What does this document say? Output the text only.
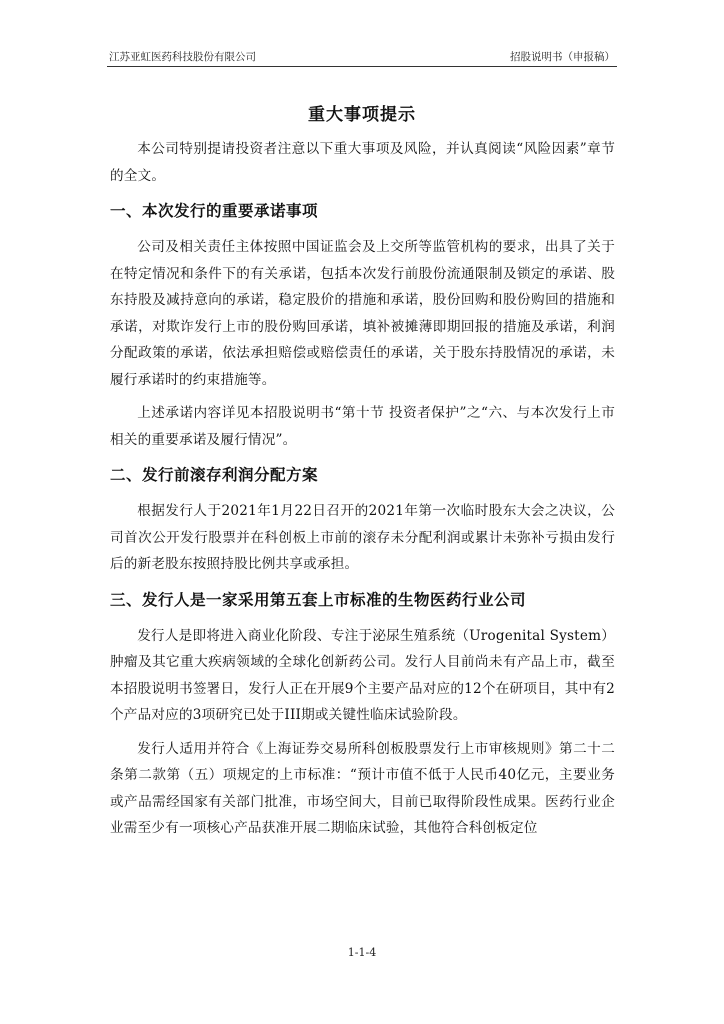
江苏亚虹医药科技股份有限公司	招股说明书（申报稿）
重大事项提示

本公司特别提请投资者注意以下重大事项及风险，并认真阅读“风险因素”章节的全文。

一、本次发行的重要承诺事项

公司及相关责任主体按照中国证监会及上交所等监管机构的要求，出具了关于在特定情况和条件下的有关承诺，包括本次发行前股份流通限制及锁定的承诺、股东持股及减持意向的承诺，稳定股价的措施和承诺，股份回购和股份购回的措施和承诺，对欺诈发行上市的股份购回承诺，填补被摊薄即期回报的措施及承诺，利润分配政策的承诺，依法承担赔偿或赔偿责任的承诺，关于股东持股情况的承诺，未履行承诺时的约束措施等。

上述承诺内容详见本招股说明书“第十节 投资者保护”之“六、与本次发行上市相关的重要承诺及履行情况”。

二、发行前滚存利润分配方案

根据发行人于2021年1月22日召开的2021年第一次临时股东大会之决议，公司首次公开发行股票并在科创板上市前的滚存未分配利润或累计未弥补亏损由发行后的新老股东按照持股比例共享或承担。

三、发行人是一家采用第五套上市标准的生物医药行业公司

发行人是即将进入商业化阶段、专注于泌尿生殖系统（Urogenital System）肿瘤及其它重大疾病领域的全球化创新药公司。发行人目前尚未有产品上市，截至本招股说明书签署日，发行人正在开展9个主要产品对应的12个在研项目，其中有2个产品对应的3项研究已处于III期或关键性临床试验阶段。

发行人适用并符合《上海证券交易所科创板股票发行上市审核规则》第二十二条第二款第（五）项规定的上市标准：“预计市值不低于人民币40亿元，主要业务或产品需经国家有关部门批准，市场空间大，目前已取得阶段性成果。医药行业企业需至少有一项核心产品获准开展二期临床试验，其他符合科创板定位

1-1-4
